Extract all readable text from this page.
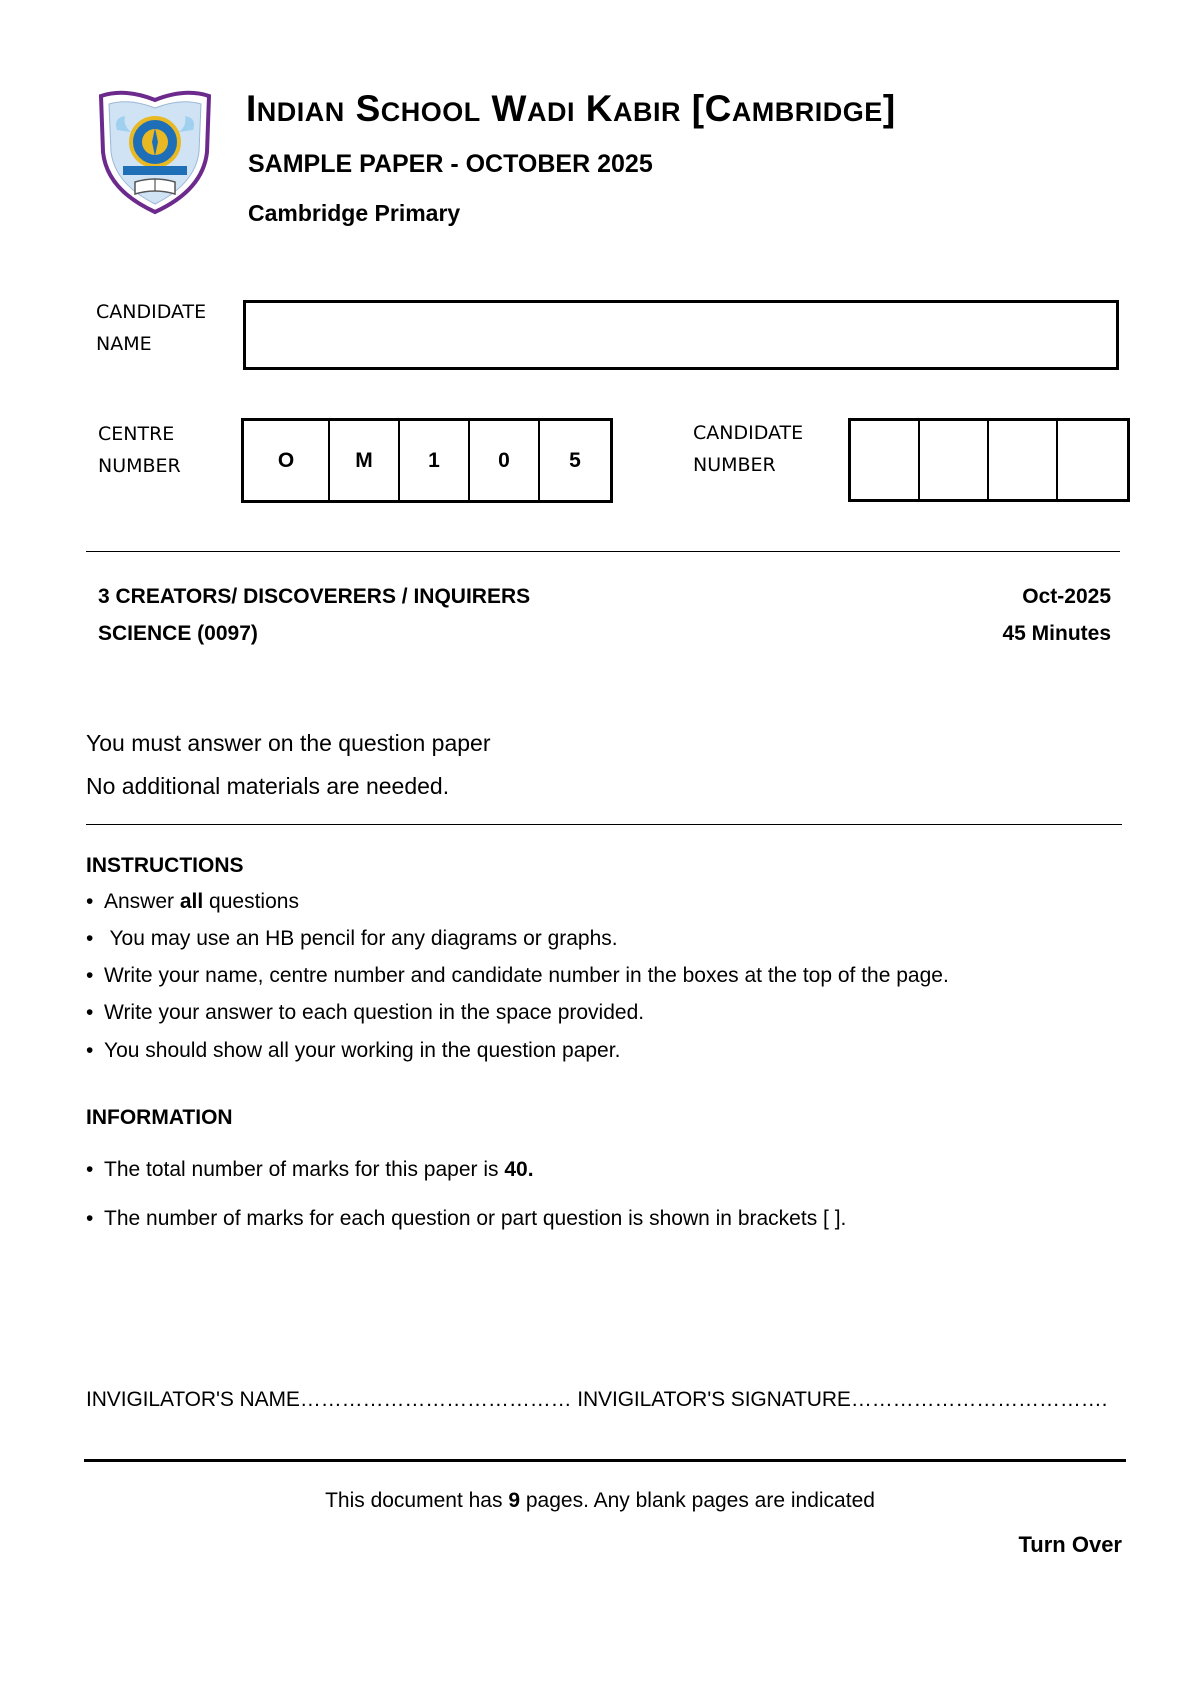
INDIAN SCHOOL WADI KABIR [CAMBRIDGE]
SAMPLE PAPER - OCTOBER 2025
Cambridge Primary
CANDIDATE
NAME
CENTRE
NUMBER	O	M	1	0	5
CANDIDATE
NUMBER
3 CREATORS/ DISCOVERERS / INQUIRERS
SCIENCE (0097)
Oct-2025
45 Minutes
You must answer on the question paper
No additional materials are needed.
INSTRUCTIONS
• Answer all questions
• You may use an HB pencil for any diagrams or graphs.
• Write your name, centre number and candidate number in the boxes at the top of the page.
• Write your answer to each question in the space provided.
• You should show all your working in the question paper.
INFORMATION
• The total number of marks for this paper is 40.
• The number of marks for each question or part question is shown in brackets [ ].
INVIGILATOR'S NAME………………………………… INVIGILATOR'S SIGNATURE……………………………….
This document has 9 pages. Any blank pages are indicated
Turn Over
